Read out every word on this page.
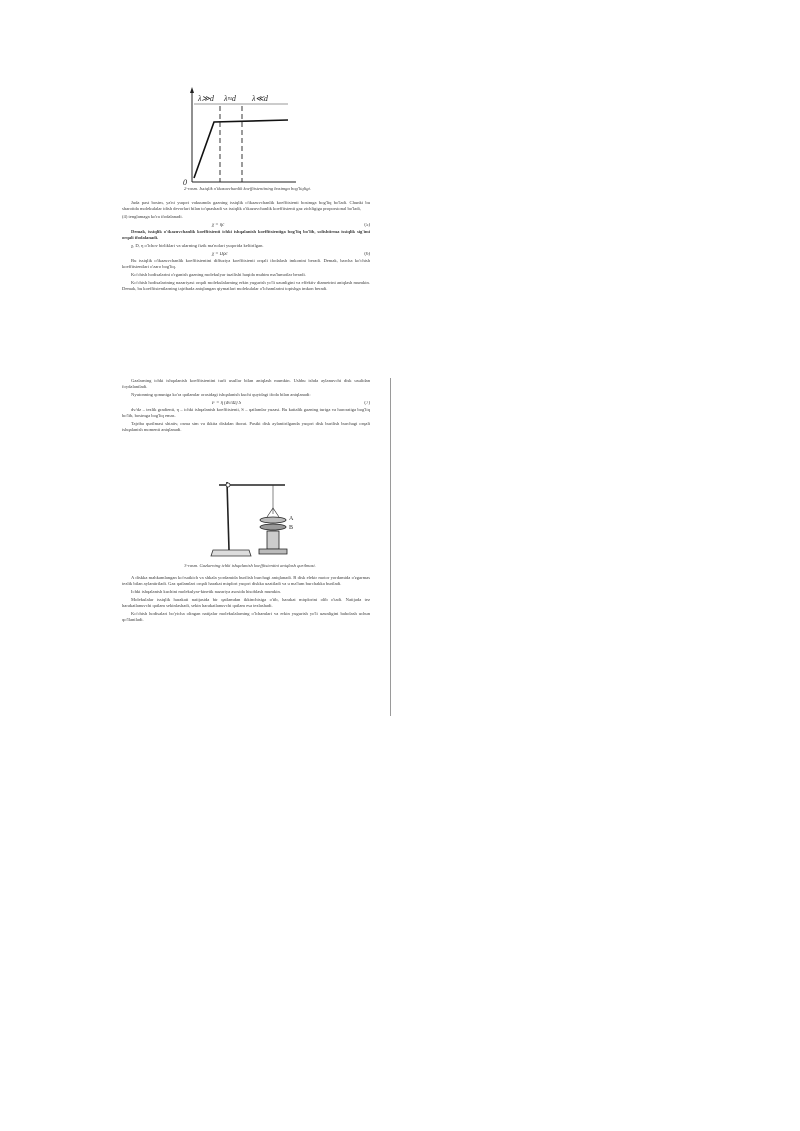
λ≫d λ≈d λ≪d
0
2-rasm. Issiqlik o'tkazuvchanlik koeffitsientining bosimga bog'liqligi.

Juda past bosim, ya'ni yuqori vakuumda gazning issiqlik o'tkazuvchanlik koeffitsienti bosimga bog'liq bo'ladi. Chunki bu sharoitda molekulalar idish devorlari bilan to'qnashadi va issiqlik o'tkazuvchanlik koeffitsienti gaz zichligiga proporsional bo'ladi,

(4) tenglamaga ko'ra ifodalanadi.

χ = ηc	(5)

Demak, issiqlik o'tkazuvchanlik koeffitsienti ichki ishqalanish koeffitsientiga bog'liq bo'lib, solishtirma issiqlik sig'imi orqali ifodalanadi.

χ, D, η o'lchov birliklari va ularning fizik ma'nolari yuqorida keltirilgan.

χ = Dρc	(6)

Bu issiqlik o'tkazuvchanlik koeffitsientini diffuziya koeffitsienti orqali ifodalash imkonini beradi. Demak, barcha ko'chish koeffitsientlari o'zaro bog'liq.

Ko'chish hodisalarini o'rganish gazning molekulyar tuzilishi haqida muhim ma'lumotlar beradi.

Ko'chish hodisalarining nazariyasi orqali molekulalarning erkin yugurish yo'li uzunligini va effektiv diametrini aniqlash mumkin. Demak, bu koeffitsientlarning tajribada aniqlangan qiymatlari molekulalar o'lchamlarini topishga imkon beradi.

Gazlarning ichki ishqalanish koeffitsientini turli usullar bilan aniqlash mumkin. Ushbu ishda aylanuvchi disk usulidan foydalaniladi.

Nyutonning qonuniga ko'ra qatlamlar orasidagi ishqalanish kuchi quyidagi ifoda bilan aniqlanadi:

F = η (dv/dz) S	(7)

dv/dz – tezlik gradienti, η – ichki ishqalanish koeffitsienti, S – qatlamlar yuzasi. Bu kattalik gazning turiga va haroratiga bog'liq bo'lib, bosimga bog'liq emas.

Tajriba qurilmasi shtativ, osma sim va ikkita diskdan iborat. Pastki disk aylantirilganda yuqori disk burilish burchagi orqali ishqalanish momenti aniqlanadi.

A
B
3-rasm. Gazlarning ichki ishqalanish koeffitsientini aniqlash qurilmasi.

A diskka mahkamlangan ko'rsatkich va shkala yordamida burilish burchagi aniqlanadi. B disk elektr motor yordamida o'zgarmas tezlik bilan aylantiriladi. Gaz qatlamlari orqali harakat miqdori yuqori diskka uzatiladi va u ma'lum burchakka buriladi.

Ichki ishqalanish kuchini molekulyar-kinetik nazariya asosida hisoblash mumkin.

Molekulalar issiqlik harakati natijasida bir qatlamdan ikkinchisiga o'tib, harakat miqdorini olib o'tadi. Natijada tez harakatlanuvchi qatlam sekinlashadi, sekin harakatlanuvchi qatlam esa tezlashadi.

Ko'chish hodisalari bo'yicha olingan natijalar molekulalarning o'lchamlari va erkin yugurish yo'li uzunligini baholash uchun qo'llaniladi.
